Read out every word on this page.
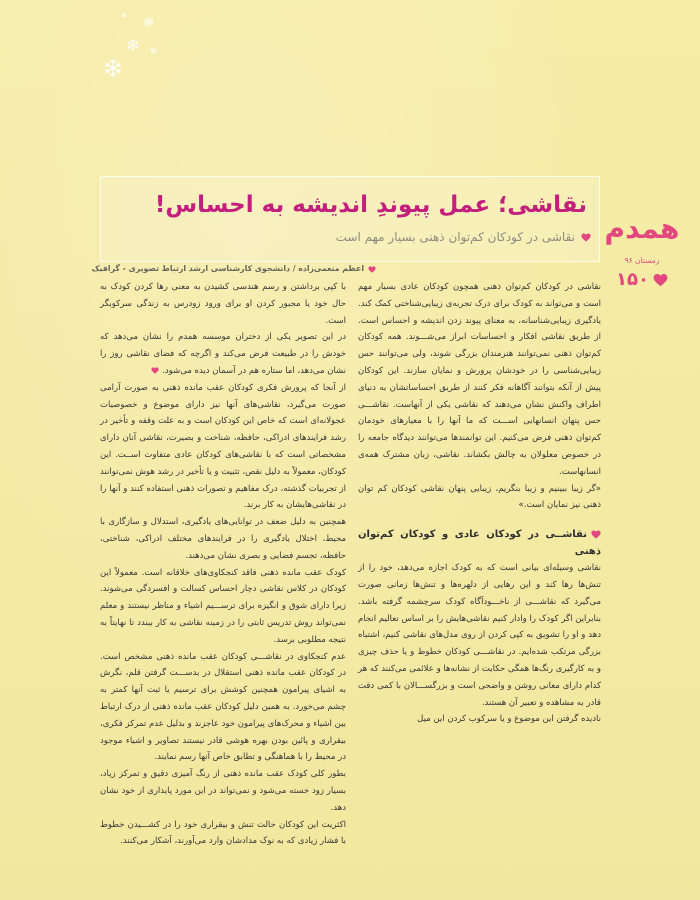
نقاشی؛ عمل پیوندِ اندیشه به احساس!
نقاشی در کودکان کم‌توان ذهنی بسیار مهم است همدم
زمستان ۹۶
۱۵۰
اعظم منعمی‌زاده / دانشجوی کارشناسی ارشد ارتباط تصویری - گرافیک

نقاشی در کودکان کم‌توان ذهنی همچون کودکان عادی بسیار مهم است و می‌تواند به کودک برای درک تجربه‌ی زیبایی‌شناختی کمک کند. یادگیری زیبایی‌شناسانه، به معنای پیوند زدن اندیشه و احساس است. از طریق نقاشی افکار و احساسات ابراز می‌شـــوند. همه کودکان کم‌توان ذهنی نمی‌توانند هنرمندان بزرگی شوند، ولی می‌توانند حس زیبایی‌شناسی را در خودشان پرورش و نمایان سازند. این کودکان پیش از آنکه بتوانند آگاهانه فکر کنند از طریق احساساتشان به دنیای اطراف واکنش نشان می‌دهند که نقاشی یکی از آنهاست. نقاشـــی حس پنهان انسانهایی اســـت که ما آنها را با معیارهای خودمان کم‌توان ذهنی فرض می‌کنیم. این توانمندها می‌توانند دیدگاه جامعه را در خصوص معلولان به چالش بکشاند. نقاشی، زبان مشترک همه‌ی انسانهاست.

«گر زیبا ببینیم و زیبا بنگریم، زیبایی پنهان نقاشی کودکان کم توان ذهنی نیز نمایان است.»

نقاشــی در کودکان عادی و کودکان کم‌توان ذهنی

نقاشی وسیله‌ای بیانی است که به کودک اجازه می‌دهد، خود را از تنش‌ها رها کند و این رهایی از دلهره‌ها و تنش‌ها زمانی صورت می‌گیرد که نقاشـــی از ناخـــودآگاه کودک سرچشمه گرفته باشد. بنابراین اگر کودک را وادار کنیم نقاشی‌هایش را بر اساس تعالیم انجام دهد و او را تشویق به کپی کردن از روی مدل‌های نقاشی کنیم، اشتباه بزرگی مرتکب شده‌ایم. در نقاشـــی کودکان خطوط و یا حذف چیزی و به کارگیری رنگ‌ها همگی حکایت از نشانه‌ها و علائمی می‌کنند که هر کدام دارای معانی روشن و واضحی است و بزرگســـالان با کمی دقت قادر به مشاهده و تعبیر آن هستند.

نادیده گرفتن این موضوع و یا سرکوب کردن این میل

با کپی برداشتن و رسم هندسی کشیدن به معنی رها کردن کودک به حال خود یا مجبور کردن او برای ورود زودرس به زندگی سرکوبگر است.

در این تصویر یکی از دختران موسسه همدم را نشان می‌دهد که خودش را در طبیعت فرض می‌کند و اگرچه که فضای نقاشی روز را نشان می‌دهد، اما ستاره هم در آسمان دیده می‌شود.

از آنجا که پرورش فکری کودکان عقب مانده ذهنی به صورت آرامی صورت می‌گیرد، نقاشی‌های آنها نیز دارای موضوع و خصوصیات عجولانه‌ای است که خاص این کودکان است و به علت وقفه و تأخیر در رشد فرایندهای ادراکی، حافظه، شناخت و بصیرت، نقاشی آنان دارای مشخصاتی است که با نقاشی‌های کودکان عادی متفاوت اســت. این کودکان، معمولاً به دلیل نقص، تثبیت و یا تأخیر در رشد هوش نمی‌توانند از تجربیات گذشته، درک مفاهیم و تصورات ذهنی استفاده کنند و آنها را در نقاشی‌هایشان به کار برند.

همچنین به دلیل ضعف در توانایی‌های یادگیری، استدلال و سازگاری با محیط، اختلال یادگیری را در فرایندهای مختلف ادراکی، شناختی، حافظه، تجسم فضایی و بصری نشان می‌دهند.

کودک عقب مانده ذهنی فاقد کنجکاوی‌های خلاقانه است. معمولاً این کودکان در کلاس نقاشی دچار احساس کسالت و افسردگی می‌شوند. زیرا دارای شوق و انگیزه برای ترســـیم اشیاء و مناظر نیستند و معلم نمی‌تواند روش تدریس ثابتی را در زمینه نقاشی به کار ببندد تا نهایتاً به نتیجه مطلوبی برسد.

عدم کنجکاوی در نقاشـــی کودکان عقب مانده ذهنی مشخص است. در کودکان عقب مانده ذهنی استقلال در بدســـت گرفتن قلم، نگرش به اشیای پیرامون همچنین کوشش برای ترسیم یا ثبت آنها کمتر به چشم می‌خورد. به همین دلیل کودکان عقب مانده ذهنی از درک ارتباط بین اشیاء و محرک‌های پیرامون خود عاجزند و بدلیل عدم تمرکز فکری، بیقراری و پائین بودن بهره هوشی قادر نیستند تصاویر و اشیاء موجود در محیط را با هماهنگی و تطابق خاص آنها رسم نمایند.

بطور کلی کودک عقب مانده ذهنی از رنگ آمیزی دقیق و تمرکز زیاد، بسیار زود خسته می‌شود و نمی‌تواند در این مورد پایداری از خود نشان دهد.

اکثریت این کودکان حالت تنش و بیقراری خود را در کشـــیدن خطوط با فشار زیادی که به نوک مدادشان وارد می‌آورند، آشکار می‌کنند.
